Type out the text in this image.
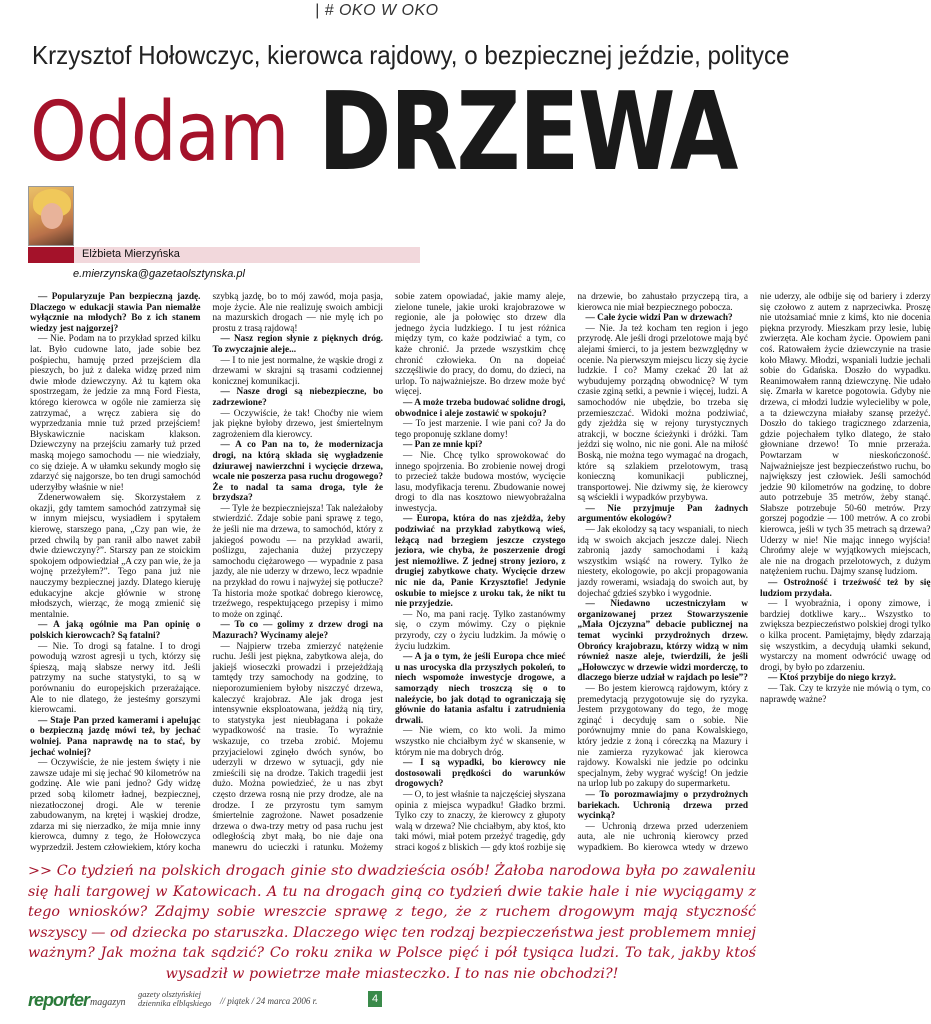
| # OKO W OKO
Krzysztof Hołowczyc, kierowca rajdowy, o bezpiecznej jeździe, polityce
Oddam DRZEWA
Elżbieta Mierzyńska
e.mierzynska@gazetaolsztynska.pl

— Popularyzuje Pan bezpieczną jazdę. Dlaczego w edukacji stawia Pan niemalże wyłącznie na młodych? Bo z ich stanem wiedzy jest najgorzej?

— Nie. Podam na to przykład sprzed kilku lat. Było cudowne lato, jade sobie bez pośpiechu, hamuję przed przejściem dla pieszych, bo już z daleka widzę przed nim dwie młode dziewczyny. Aż tu kątem oka spostrzegam, że jedzie za mną Ford Fiesta, którego kierowca w ogóle nie zamierza się zatrzymać, a wręcz zabiera się do wyprzedzania mnie tuż przed przejściem! Błyskawicznie naciskam klakson. Dziewczyny na przejściu zamarły tuż przed maską mojego samochodu — nie wiedziały, co się dzieje. A w ułamku sekundy mogło się zdarzyć się najgorsze, bo ten drugi samochód uderzyłby właśnie w nie!

Zdenerwowałem się. Skorzystałem z okazji, gdy tamtem samochód zatrzymał się w innym miejscu, wysiadłem i spytałem kierowę, starszego pana, „Czy pan wie, że przed chwilą by pan ranił albo nawet zabił dwie dziewczyny?”. Starszy pan ze stoickim spokojem odpowiedział „A czy pan wie, że ja wojnę przeżyłem?”. Tego pana już nie nauczymy bezpiecznej jazdy. Dlatego kieruję edukacyjne akcje głównie w stronę młodszych, wierząc, że mogą zmienić się mentalnie.

— A jaką ogólnie ma Pan opinię o polskich kierowcach? Są fatalni?

— Nie. To drogi są fatalne. I to drogi powodują wzrost agresji u tych, którzy się śpieszą, mają słabsze nerwy itd. Jeśli patrzymy na suche statystyki, to są w porównaniu do europejskich przerażające. Ale to nie dlatego, że jesteśmy gorszymi kierowcami.

— Staje Pan przed kamerami i apelując o bezpieczną jazdę mówi też, by jechać wolniej. Pana naprawdę na to stać, by jechać wolniej?

— Oczywiście, że nie jestem święty i nie zawsze udaje mi się jechać 90 kilometrów na godzinę. Ale wie pani jedno? Gdy widzę przed sobą kilometr ładnej, bezpiecznej, niezatłoczonej drogi. Ale w terenie zabudowanym, na krętej i wąskiej drodze, zdarza mi się nierzadko, że mija mnie inny kierowca, dumny z tego, że Hołowczyca wyprzedził. Jestem człowiekiem, który kocha szybką jazdę, bo to mój zawód, moja pasja, moje życie. Ale nie realizuję swoich ambicji na mazurskich drogach — nie mylę ich po prostu z trasą rajdową!

— Nasz region słynie z pięknych dróg. To zwyczajnie aleje...

— I to nie jest normalne, że wąskie drogi z drzewami w skrajni są trasami codziennej konicznej komunikacji.

— Nasze drogi są niebezpieczne, bo zadrzewione?

— Oczywiście, że tak! Choćby nie wiem jak piękne byłoby drzewo, jest śmiertelnym zagrożeniem dla kierowcy.

— A co Pan na to, że modernizacja drogi, na którą składa się wygładzenie dziurawej nawierzchni i wycięcie drzewa, wcale nie poszerza pasa ruchu drogowego? Że to nadal ta sama droga, tyle że brzydsza?

— Tyle że bezpieczniejsza! Tak należałoby stwierdzić. Zdaje sobie pani sprawę z tego, że jeśli nie ma drzewa, to samochód, który z jakiegoś powodu — na przykład awarii, poślizgu, zajechania dużej przyczepy samochodu ciężarowego — wypadnie z pasa jazdy, ale nie uderzy w drzewo, lecz wpadnie na przykład do rowu i najwyżej się potłucze? Ta historia może spotkać dobrego kierowcę, trzeźwego, respektującego przepisy i mimo to może on zginąć.

— To co — golimy z drzew drogi na Mazurach? Wycinamy aleje?

— Najpierw trzeba zmierzyć natężenie ruchu. Jeśli jest piękna, zabytkowa aleja, do jakiejś wioseczki prowadzi i przejeżdżają tamtędy trzy samochody na godzinę, to nieporozumieniem byłoby niszczyć drzewa, kaleczyć krajobraz. Ale jak droga jest intensywnie eksploatowana, jeżdżą nią tiry, to statystyka jest nieubłagana i pokaże wypadkowość na trasie. To wyraźnie wskazuje, co trzeba zrobić. Mojemu przyjacielowi zginęło dwóch synów, bo uderzyli w drzewo w sytuacji, gdy nie zmieścili się na drodze. Takich tragedii jest dużo. Można powiedzieć, że u nas zbyt często drzewa rosną nie przy drodze, ale na drodze. I ze przyrostu tym samym śmiertelnie zagrożone. Nawet posadzenie drzewa o dwa-trzy metry od pasa ruchu jest odległością zbyt małą, bo nie daje ona manewru do ucieczki i ratunku. Możemy sobie zatem opowiadać, jakie mamy aleje, zielone tunele, jakie uroki krajobrazowe w regionie, ale ja połowięc sto drzew dla jednego życia ludzkiego. I tu jest różnica między tym, co każe podziwiać a tym, co każe chronić. Ja przede wszystkim chcę chronić człowieka. On na dopeiać szczęśliwie do pracy, do domu, do dzieci, na urlop. To najważniejsze. Bo drzew może być więcej.

— A może trzeba budować solidne drogi, obwodnice i aleje zostawić w spokoju?

— To jest marzenie. I wie pani co? Ja do tego proponuję szklane domy!

— Pan ze mnie kpi?

— Nie. Chcę tylko sprowokować do innego spojrzenia. Bo zrobienie nowej drogi to przecież także budowa mostów, wycięcie lasu, modyfikacja terenu. Zbudowanie nowej drogi to dla nas kosztowo niewyobrażalna inwestycja.

— Europa, która do nas zjeżdża, żeby podziwiać na przykład zabytkową wieś, leżącą nad brzegiem jeszcze czystego jeziora, wie chyba, że poszerzenie drogi jest niemożliwe. Z jednej strony jezioro, z drugiej zabytkowe chaty. Wycięcie drzew nic nie da, Panie Krzysztofie! Jedynie oskubie to miejsce z uroku tak, że nikt tu nie przyjedzie.

— No, ma pani rację. Tylko zastanówmy się, o czym mówimy. Czy o pięknie przyrody, czy o życiu ludzkim. Ja mówię o życiu ludzkim.

— A ja o tym, że jeśli Europa chce mieć u nas urocyska dla przyszłych pokoleń, to niech wspomoże inwestycje drogowe, a samorządy niech troszczą się o to naleźycie, bo jak dotąd to ograniczają się głównie do łatania asfaltu i zatrudnienia drwali.

— Nie wiem, co kto woli. Ja mimo wszystko nie chciałbym żyć w skansenie, w którym nie ma dobrych dróg.

— I są wypadki, bo kierowcy nie dostosowali prędkości do warunków drogowych?

— O, to jest właśnie ta najczęściej słyszana opinia z miejsca wypadku! Gładko brzmi. Tylko czy to znaczy, że kierowcy z głupoty walą w drzewa? Nie chciałbym, aby ktoś, kto taki mówi, miał potem przeżyć tragedię, gdy straci kogoś z bliskich — gdy ktoś rozbije się na drzewie, bo zahustało przyczepą tira, a kierowca nie miał bezpiecznego pobocza.

— Całe życie widzi Pan w drzewach?

— Nie. Ja też kocham ten region i jego przyrodę. Ale jeśli drogi przelotowe mają być alejami śmierci, to ja jestem bezwzględny w ocenie. Na pierwszym miejscu liczy się życie ludzkie. I co? Mamy czekać 20 lat aż wybudujemy porządną obwodnicę? W tym czasie zginą setki, a pewnie i więcej, ludzi. A samochodów nie ubędzie, bo trzeba się przemieszczać. Widoki można podziwiać, gdy zjeżdża się w rejony turystycznych atrakcji, w boczne ścieżynki i dróżki. Tam jeździ się wolno, nic nie goni. Ale na miłość Boską, nie można tego wymagać na drogach, które są szlakiem przelotowym, trasą konieczną komunikacji publicznej, transportowej. Nie dziwmy się, że kierowcy są wściekli i wypadków przybywa.

— Nie przyjmuje Pan żadnych argumentów ekologów?

— Jak ekolodzy są tacy wspaniali, to niech idą w swoich akcjach jeszcze dalej. Niech zabronią jazdy samochodami i każą wszystkim wsiąść na rowery. Tylko że niestety, ekologowie, po akcji propagowania jazdy rowerami, wsiadają do swoich aut, by dojechać gdzieś szybko i wygodnie.

— Niedawno uczestniczyłam w organizowanej przez Stowarzyszenie „Mała Ojczyzna” debacie publicznej na temat wycinki przydrożnych drzew. Obrońcy krajobrazu, którzy widzą w nim również nasze aleje, twierdzili, że jeśli „Hołowczyc w drzewie widzi morderczę, to dlaczego bierze udział w rajdach po lesie”?

— Bo jestem kierowcą rajdowym, który z premedytacją przygotowuje się do ryzyka. Jestem przygotowany do tego, że mogę zginąć i decyduję sam o sobie. Nie porównujmy mnie do pana Kowalskiego, który jedzie z żoną i córeczką na Mazury i nie zamierza ryzykować jak kierowca rajdowy. Kowalski nie jedzie po odcinku specjalnym, żeby wygrać wyścig! On jedzie na urlop lub po zakupy do supermarketu.

— To porozmawiajmy o przydrożnych bariekach. Uchronią drzewa przed wycinką?

— Uchronią drzewa przed uderzeniem auta, ale nie uchronią kierowcy przed wypadkiem. Bo kierowca wtedy w drzewo nie uderzy, ale odbije się od bariery i zderzy się czołowo z autem z naprzeciwka. Proszę nie utożsamiać mnie z kimś, kto nie docenia piękna przyrody. Mieszkam przy lesie, lubię zwierzęta. Ale kocham życie. Opowiem pani coś. Ratowałem życie dziewczynie na trasie koło Mławy. Młodzi, wspaniali ludzie jechali sobie do Gdańska. Doszło do wypadku. Reanimowałem ranną dziewczynę. Nie udało się. Zmarła w karetce pogotowia. Gdyby nie drzewa, ci młodzi ludzie wylecieliby w pole, a ta dziewczyna miałaby szansę przeżyć. Doszło do takiego tragicznego zdarzenia, gdzie pojechałem tylko dlatego, że stało głowniane drzewo! To mnie przeraża. Powtarzam w nieskończoność. Najważniejsze jest bezpieczeństwo ruchu, bo największy jest człowiek. Jeśli samochód jedzie 90 kilometrów na godzinę, to dobre auto potrzebuje 35 metrów, żeby stanąć. Słabsze potrzebuje 50-60 metrów. Przy gorszej pogodzie — 100 metrów. A co zrobi kierowca, jeśli w tych 35 metrach są drzewa? Uderzy w nie! Nie mając innego wyjścia! Chrońmy aleje w wyjątkowych miejscach, ale nie na drogach przelotowych, z dużym natężeniem ruchu. Dajmy szansę ludziom.

— Ostrożność i trzeźwość też by się ludziom przydała.

— I wyobraźnia, i opony zimowe, i bardziej dotkliwe kary... Wszystko to zwiększa bezpieczeństwo polskiej drogi tylko o kilka procent. Pamiętajmy, błędy zdarzają się wszystkim, a decydują ułamki sekund, wystarczy na moment odwrócić uwagę od drogi, by było po zdarzeniu.

— Ktoś przybije do niego krzyż.

— Tak. Czy te krzyże nie mówią o tym, co naprawdę ważne?

>> Co tydzień na polskich drogach ginie sto dwadzieścia osób! Żałoba narodowa była po zawaleniu się hali targowej w Katowicach. A tu na drogach giną co tydzień dwie takie hale i nie wyciągamy z tego wniosków? Zdajmy sobie wreszcie sprawę z tego, że z ruchem drogowym mają styczność wszyscy — od dziecka po staruszka. Dlaczego więc ten rodzaj bezpieczeństwa jest problemem mniej ważnym? Jak można tak sądzić? Co roku znika w Polsce pięć i pół tysiąca ludzi. To tak, jakby ktoś wysadził w powietrze małe miasteczko. I to nas nie obchodzi?!
reporter magazyn
gazety olsztyńskiej
dziennika elbląskiego // piątek / 24 marca 2006 r.	4
